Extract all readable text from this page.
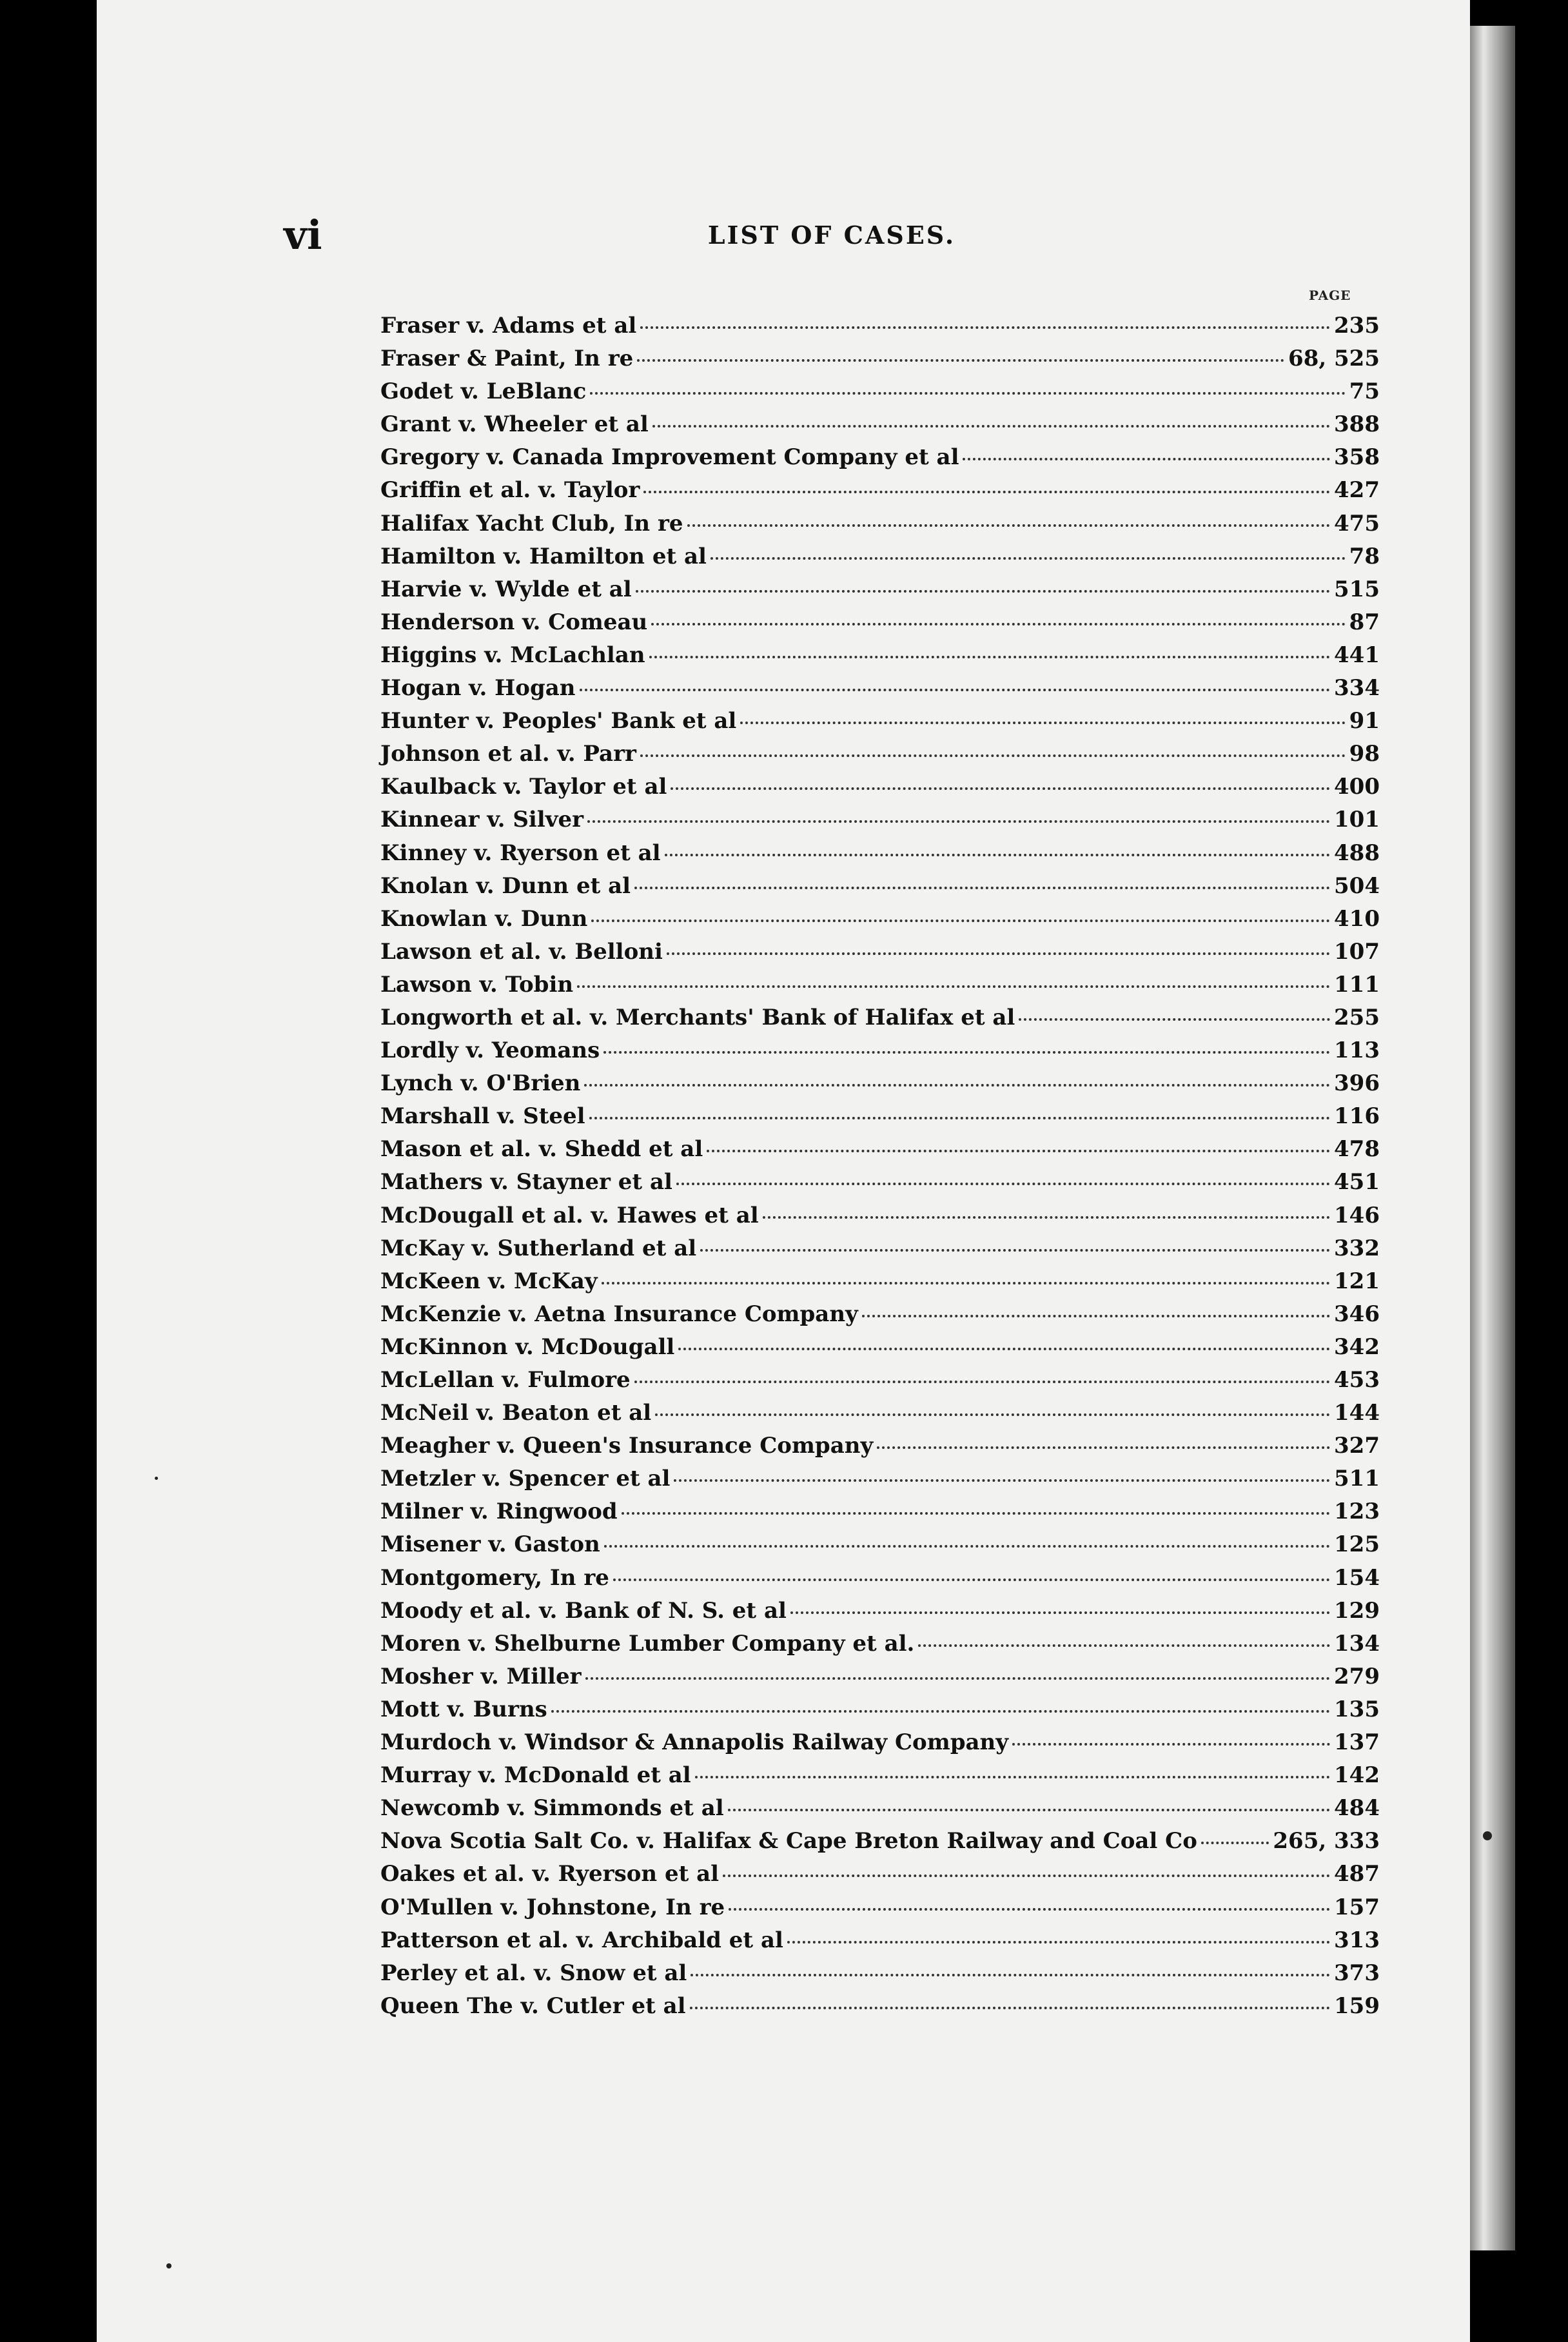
vi	LIST OF CASES.
PAGE
Fraser v. Adams et al	235
Fraser & Paint, In re	68, 525
Godet v. LeBlanc	75
Grant v. Wheeler et al	388
Gregory v. Canada Improvement Company et al	358
Griffin et al. v. Taylor	427
Halifax Yacht Club, In re	475
Hamilton v. Hamilton et al	78
Harvie v. Wylde et al	515
Henderson v. Comeau	87
Higgins v. McLachlan	441
Hogan v. Hogan	334
Hunter v. Peoples' Bank et al	91
Johnson et al. v. Parr	98
Kaulback v. Taylor et al	400
Kinnear v. Silver	101
Kinney v. Ryerson et al	488
Knolan v. Dunn et al	504
Knowlan v. Dunn	410
Lawson et al. v. Belloni	107
Lawson v. Tobin	111
Longworth et al. v. Merchants' Bank of Halifax et al	255
Lordly v. Yeomans	113
Lynch v. O'Brien	396
Marshall v. Steel	116
Mason et al. v. Shedd et al	478
Mathers v. Stayner et al	451
McDougall et al. v. Hawes et al	146
McKay v. Sutherland et al	332
McKeen v. McKay	121
McKenzie v. Aetna Insurance Company	346
McKinnon v. McDougall	342
McLellan v. Fulmore	453
McNeil v. Beaton et al	144
Meagher v. Queen's Insurance Company	327
Metzler v. Spencer et al	511
Milner v. Ringwood	123
Misener v. Gaston	125
Montgomery, In re	154
Moody et al. v. Bank of N. S. et al	129
Moren v. Shelburne Lumber Company et al.	134
Mosher v. Miller	279
Mott v. Burns	135
Murdoch v. Windsor & Annapolis Railway Company	137
Murray v. McDonald et al	142
Newcomb v. Simmonds et al	484
Nova Scotia Salt Co. v. Halifax & Cape Breton Railway and Coal Co	265, 333
Oakes et al. v. Ryerson et al	487
O'Mullen v. Johnstone, In re	157
Patterson et al. v. Archibald et al	313
Perley et al. v. Snow et al	373
Queen The v. Cutler et al	159
